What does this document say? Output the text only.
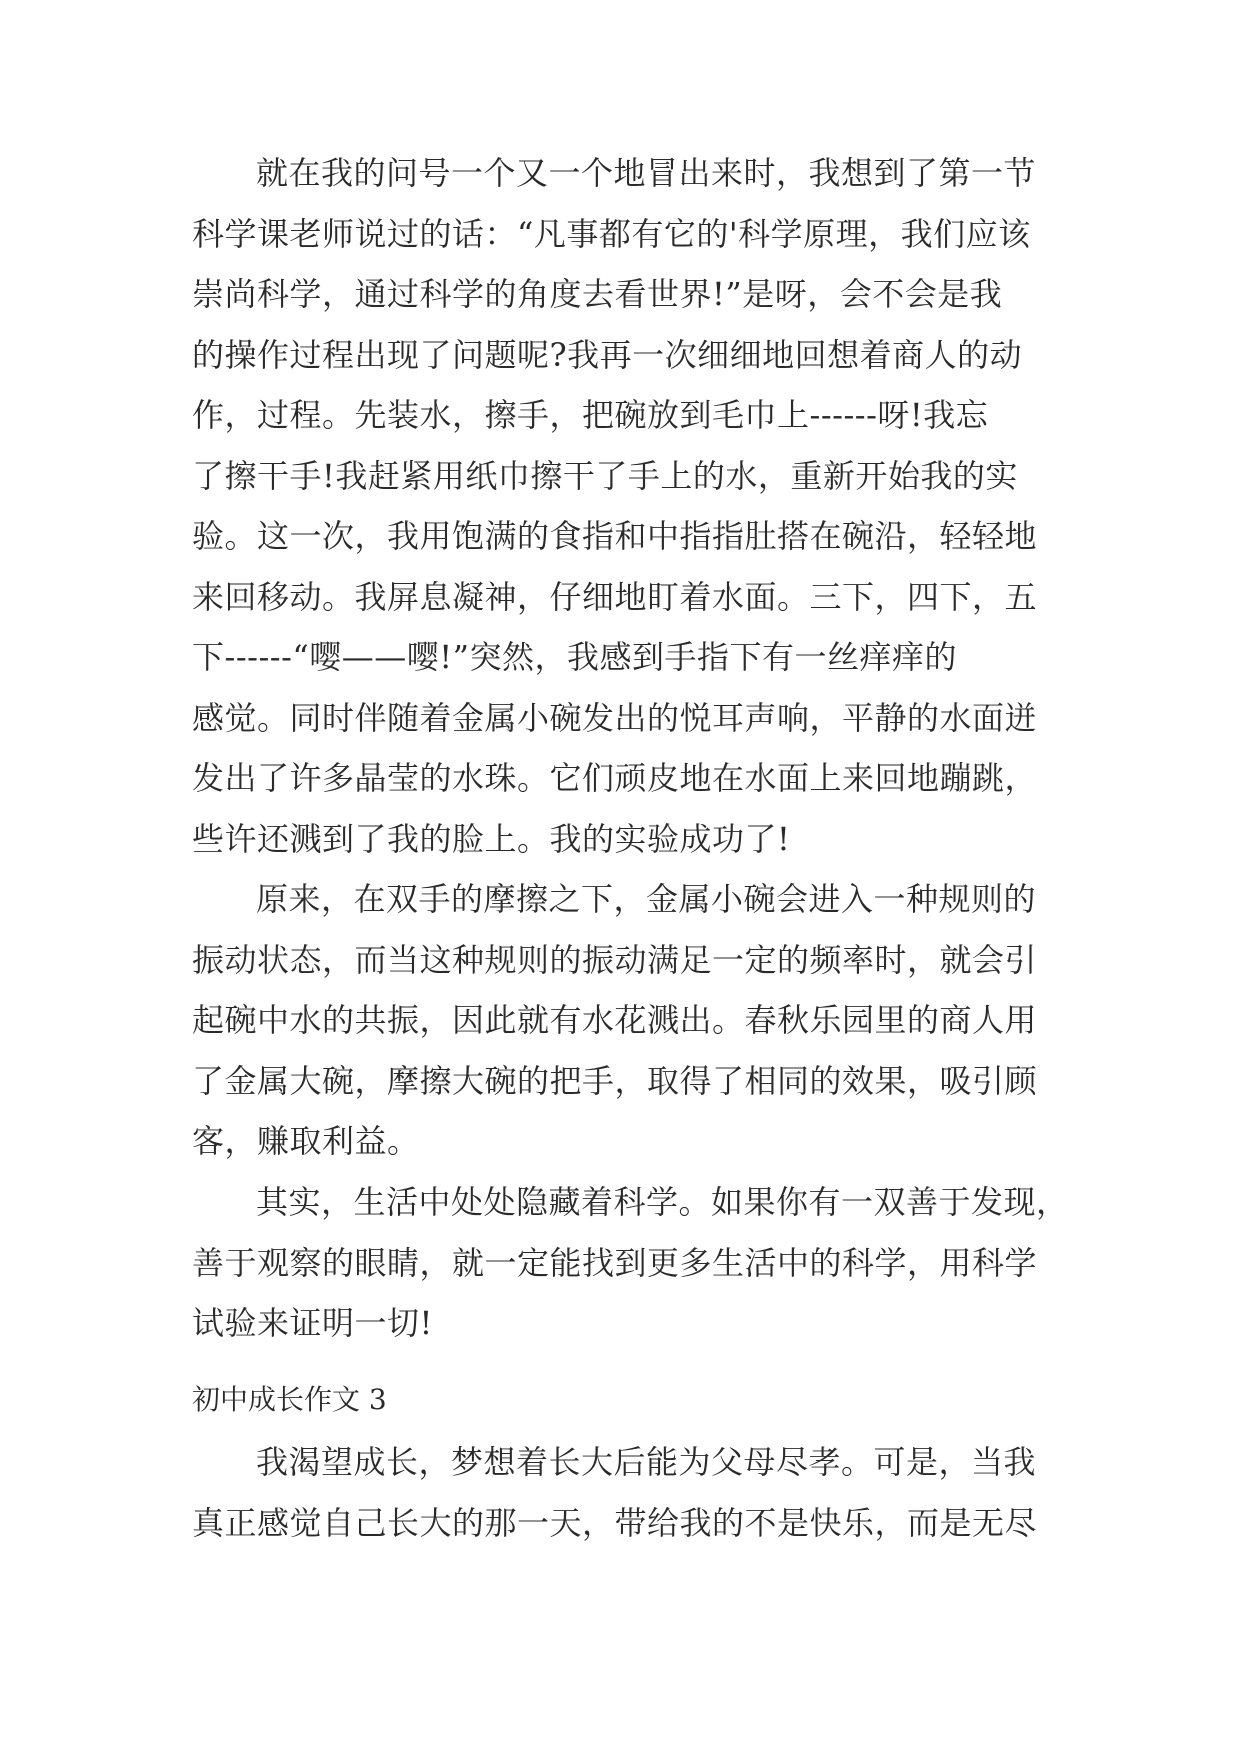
就在我的问号一个又一个地冒出来时，我想到了第一节
科学课老师说过的话：“凡事都有它的'科学原理，我们应该
崇尚科学，通过科学的角度去看世界!”是呀，会不会是我
的操作过程出现了问题呢?我再一次细细地回想着商人的动
作，过程。先装水，擦手，把碗放到毛巾上------呀!我忘
了擦干手!我赶紧用纸巾擦干了手上的水，重新开始我的实
验。这一次，我用饱满的食指和中指指肚搭在碗沿，轻轻地
来回移动。我屏息凝神，仔细地盯着水面。三下，四下，五
下------“嘤——嘤!”突然，我感到手指下有一丝痒痒的
感觉。同时伴随着金属小碗发出的悦耳声响，平静的水面迸
发出了许多晶莹的水珠。它们顽皮地在水面上来回地蹦跳，
些许还溅到了我的脸上。我的实验成功了!
原来，在双手的摩擦之下，金属小碗会进入一种规则的
振动状态，而当这种规则的振动满足一定的频率时，就会引
起碗中水的共振，因此就有水花溅出。春秋乐园里的商人用
了金属大碗，摩擦大碗的把手，取得了相同的效果，吸引顾
客，赚取利益。
其实，生活中处处隐藏着科学。如果你有一双善于发现，
善于观察的眼睛，就一定能找到更多生活中的科学，用科学
试验来证明一切!
初中成长作文 3
我渴望成长，梦想着长大后能为父母尽孝。可是，当我
真正感觉自己长大的那一天，带给我的不是快乐，而是无尽
